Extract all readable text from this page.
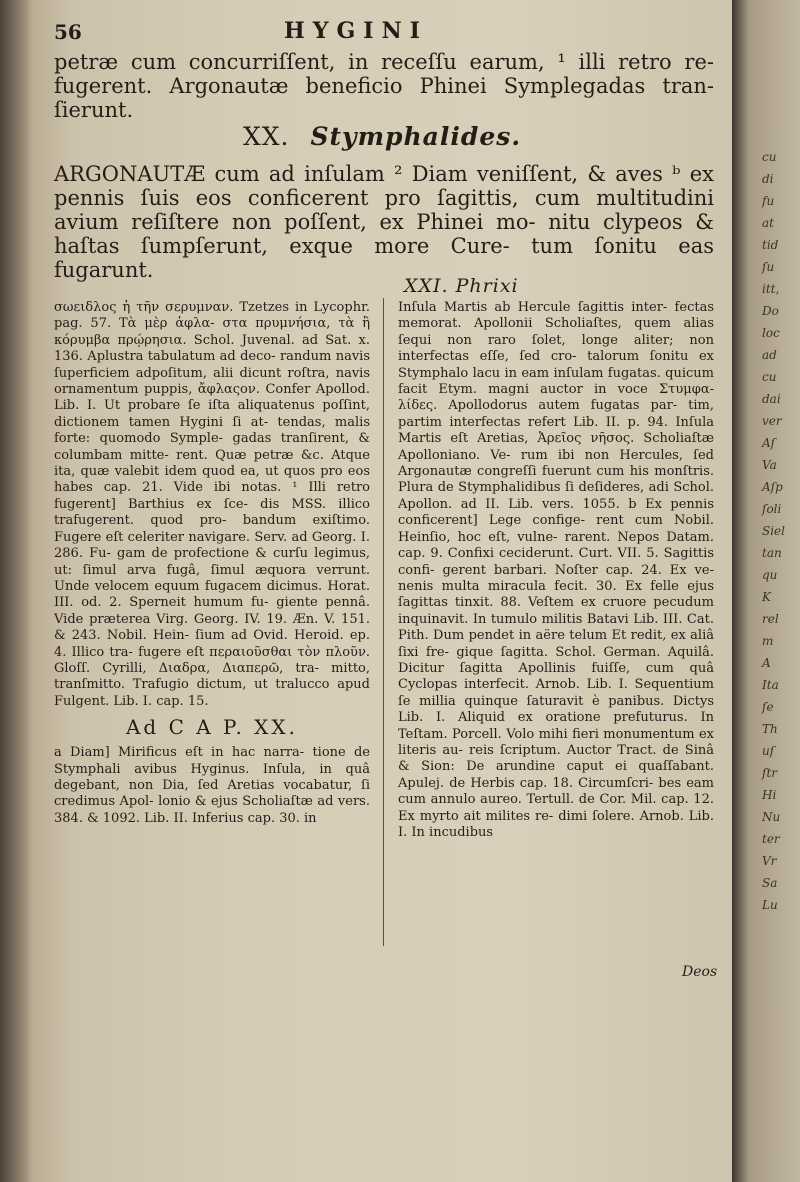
56	HYGINI
petræ cum concurriſſent, in receſſu earum, ¹ illi retro re- fugerent. Argonautæ beneficio Phinei Symplegadas tran- ſierunt.
XX. Stymphalides.
ARGONAUTÆ cum ad inſulam ² Diam veniſſent, & aves ᵇ ex pennis ſuis eos conficerent pro ſagittis, cum multitudini avium reſiſtere non poſſent, ex Phinei mo- nitu clypeos & haſtas ſumpſerunt, exque more Cure- tum ſonitu eas fugarunt.
XXI. Phrixi

σωειδλος ἡ τῆν σερυμναν. Tzetzes in Lycophr. pag. 57. Τὰ μὲρ ἀφλα- στα πρυμνήσια, τὰ ἢ κόρυμβα πρῴρησια. Schol. Juvenal. ad Sat. x. 136. Aplustra tabulatum ad deco- randum navis ſuperficiem adpoſitum, alii dicunt roſtra, navis ornamentum puppis, ἄφλαςον. Confer Apollod. Lib. I. Ut probare ſe iſta aliquatenus poſſint, dictionem tamen Hygini ſi at- tendas, malis forte: quomodo Symple- gadas tranſirent, & columbam mitte- rent. Quæ petræ &c. Atque ita, quæ valebit idem quod ea, ut quos pro eos habes cap. 21. Vide ibi notas. ¹ Illi retro fugerent] Barthius ex ſce- dis MSS. illico trafugerent. quod pro- bandum exiſtimo. Fugere eſt celeriter navigare. Serv. ad Georg. I. 286. Fu- gam de profectione & curſu legimus, ut: ſimul arva fugâ, ſimul æquora verrunt. Unde velocem equum fugacem dicimus. Horat. III. od. 2. Sperneit humum fu- giente pennâ. Vide præterea Virg. Georg. IV. 19. Æn. V. 151. & 243. Nobil. Hein- ſium ad Ovid. Heroid. ep. 4. Illico tra- fugere eſt περαιοῦσθαι τὸν πλοῦν. Gloſſ. Cyrilli, Διαδρα, Διαπερῶ, tra- mitto, tranſmitto. Trafugio dictum, ut tralucco apud Fulgent. Lib. I. cap. 15.

Ad C A P. XX.

a Diam] Mirificus eſt in hac narra- tione de Stymphali avibus Hyginus. Inſula, in quâ degebant, non Dia, ſed Aretias vocabatur, ſi credimus Apol- lonio & ejus Scholiaſtæ ad vers. 384. & 1092. Lib. II. Inferius cap. 30. in

Inſula Martis ab Hercule ſagittis inter- fectas memorat. Apollonii Scholiaſtes, quem alias ſequi non raro ſolet, longe aliter; non interfectas eſſe, ſed cro- talorum ſonitu ex Stymphalo lacu in eam inſulam fugatas. quicum facit Etym. magni auctor in voce Στυμφα- λίδες. Apollodorus autem fugatas par- tim, partim interfectas refert Lib. II. p. 94. Inſula Martis eſt Aretias, Ἀρεῖος νῆσος. Scholiaſtæ Apolloniano. Ve- rum ibi non Hercules, ſed Argonautæ congreſſi fuerunt cum his monſtris. Plura de Stymphalidibus ſi deſideres, adi Schol. Apollon. ad II. Lib. vers. 1055. b Ex pennis conficerent] Lege confige- rent cum Nobil. Heinſio, hoc eſt, vulne- rarent. Nepos Datam. cap. 9. Confixi ceciderunt. Curt. VII. 5. Sagittis confi- gerent barbari. Noſter cap. 24. Ex ve- nenis multa miracula fecit. 30. Ex felle ejus ſagittas tinxit. 88. Veſtem ex cruore pecudum inquinavit. In tumulo militis Batavi Lib. III. Cat. Pith. Dum pendet in aëre telum Et redit, ex aliâ ſixi fre- gique ſagitta. Schol. German. Aquilâ. Dicitur ſagitta Apollinis fuiſſe, cum quâ Cyclopas interfecit. Arnob. Lib. I. Sequentium ſe millia quinque ſaturavit è panibus. Dictys Lib. I. Aliquid ex oratione prefuturus. In Teſtam. Porcell. Volo mihi fieri monumentum ex literis au- reis ſcriptum. Auctor Tract. de Sinâ & Sion: De arundine caput ei quaſſabant. Apulej. de Herbis cap. 18. Circumſcri- bes eam cum annulo aureo. Tertull. de Cor. Mil. cap. 12. Ex myrto ait milites re- dimi ſolere. Arnob. Lib. I. In incudibus

Deos
cu
di
fu
at
tid
ſu
itt,
Do
loc
ad
cu
dai
ver
Aſ
Va
Aſp
ſoli
Siel
tan
qu
K
rel
m
A
Ita
ſe
Th
uſ
ſtr
Hi
Nu
ter
Vr
Sa
Lu
